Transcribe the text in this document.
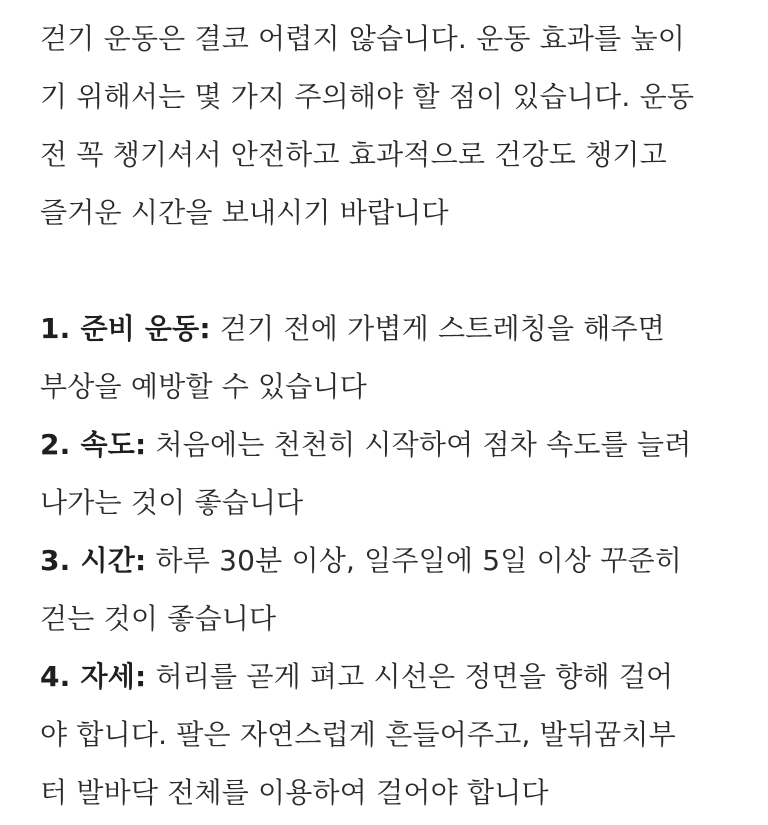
걷기 운동은 결코 어렵지 않습니다. 운동 효과를 높이
기 위해서는 몇 가지 주의해야 할 점이 있습니다. 운동
전 꼭 챙기셔서 안전하고 효과적으로 건강도 챙기고
즐거운 시간을 보내시기 바랍니다
1. 준비 운동: 걷기 전에 가볍게 스트레칭을 해주면
부상을 예방할 수 있습니다
2. 속도: 처음에는 천천히 시작하여 점차 속도를 늘려
나가는 것이 좋습니다
3. 시간: 하루 30분 이상, 일주일에 5일 이상 꾸준히
걷는 것이 좋습니다
4. 자세: 허리를 곧게 펴고 시선은 정면을 향해 걸어
야 합니다. 팔은 자연스럽게 흔들어주고, 발뒤꿈치부
터 발바닥 전체를 이용하여 걸어야 합니다
